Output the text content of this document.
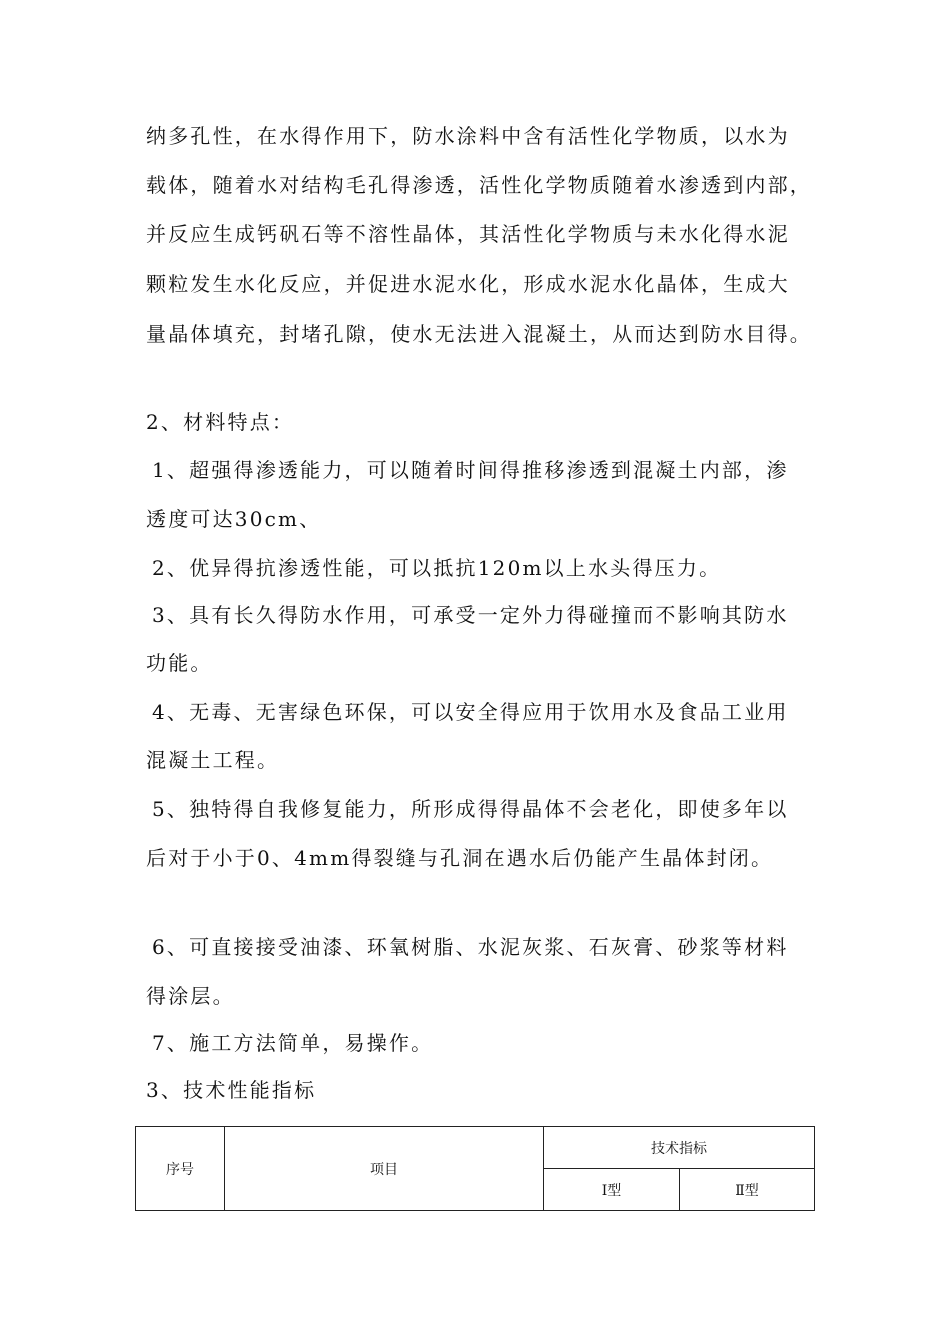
纳多孔性，在水得作用下，防水涂料中含有活性化学物质，以水为
载体，随着水对结构毛孔得渗透，活性化学物质随着水渗透到内部，
并反应生成钙矾石等不溶性晶体，其活性化学物质与未水化得水泥
颗粒发生水化反应，并促进水泥水化，形成水泥水化晶体，生成大
量晶体填充，封堵孔隙，使水无法进入混凝土，从而达到防水目得。
2、材料特点：
1、超强得渗透能力，可以随着时间得推移渗透到混凝土内部，渗
透度可达30cm、
2、优异得抗渗透性能，可以抵抗120m以上水头得压力。
3、具有长久得防水作用，可承受一定外力得碰撞而不影响其防水
功能。
4、无毒、无害绿色环保，可以安全得应用于饮用水及食品工业用
混凝土工程。
5、独特得自我修复能力，所形成得得晶体不会老化，即使多年以
后对于小于0、4mm得裂缝与孔洞在遇水后仍能产生晶体封闭。
6、可直接接受油漆、环氧树脂、水泥灰浆、石灰膏、砂浆等材料
得涂层。
7、施工方法简单，易操作。
3、技术性能指标
序号	项目	技术指标	
		Ⅰ型	Ⅱ型
